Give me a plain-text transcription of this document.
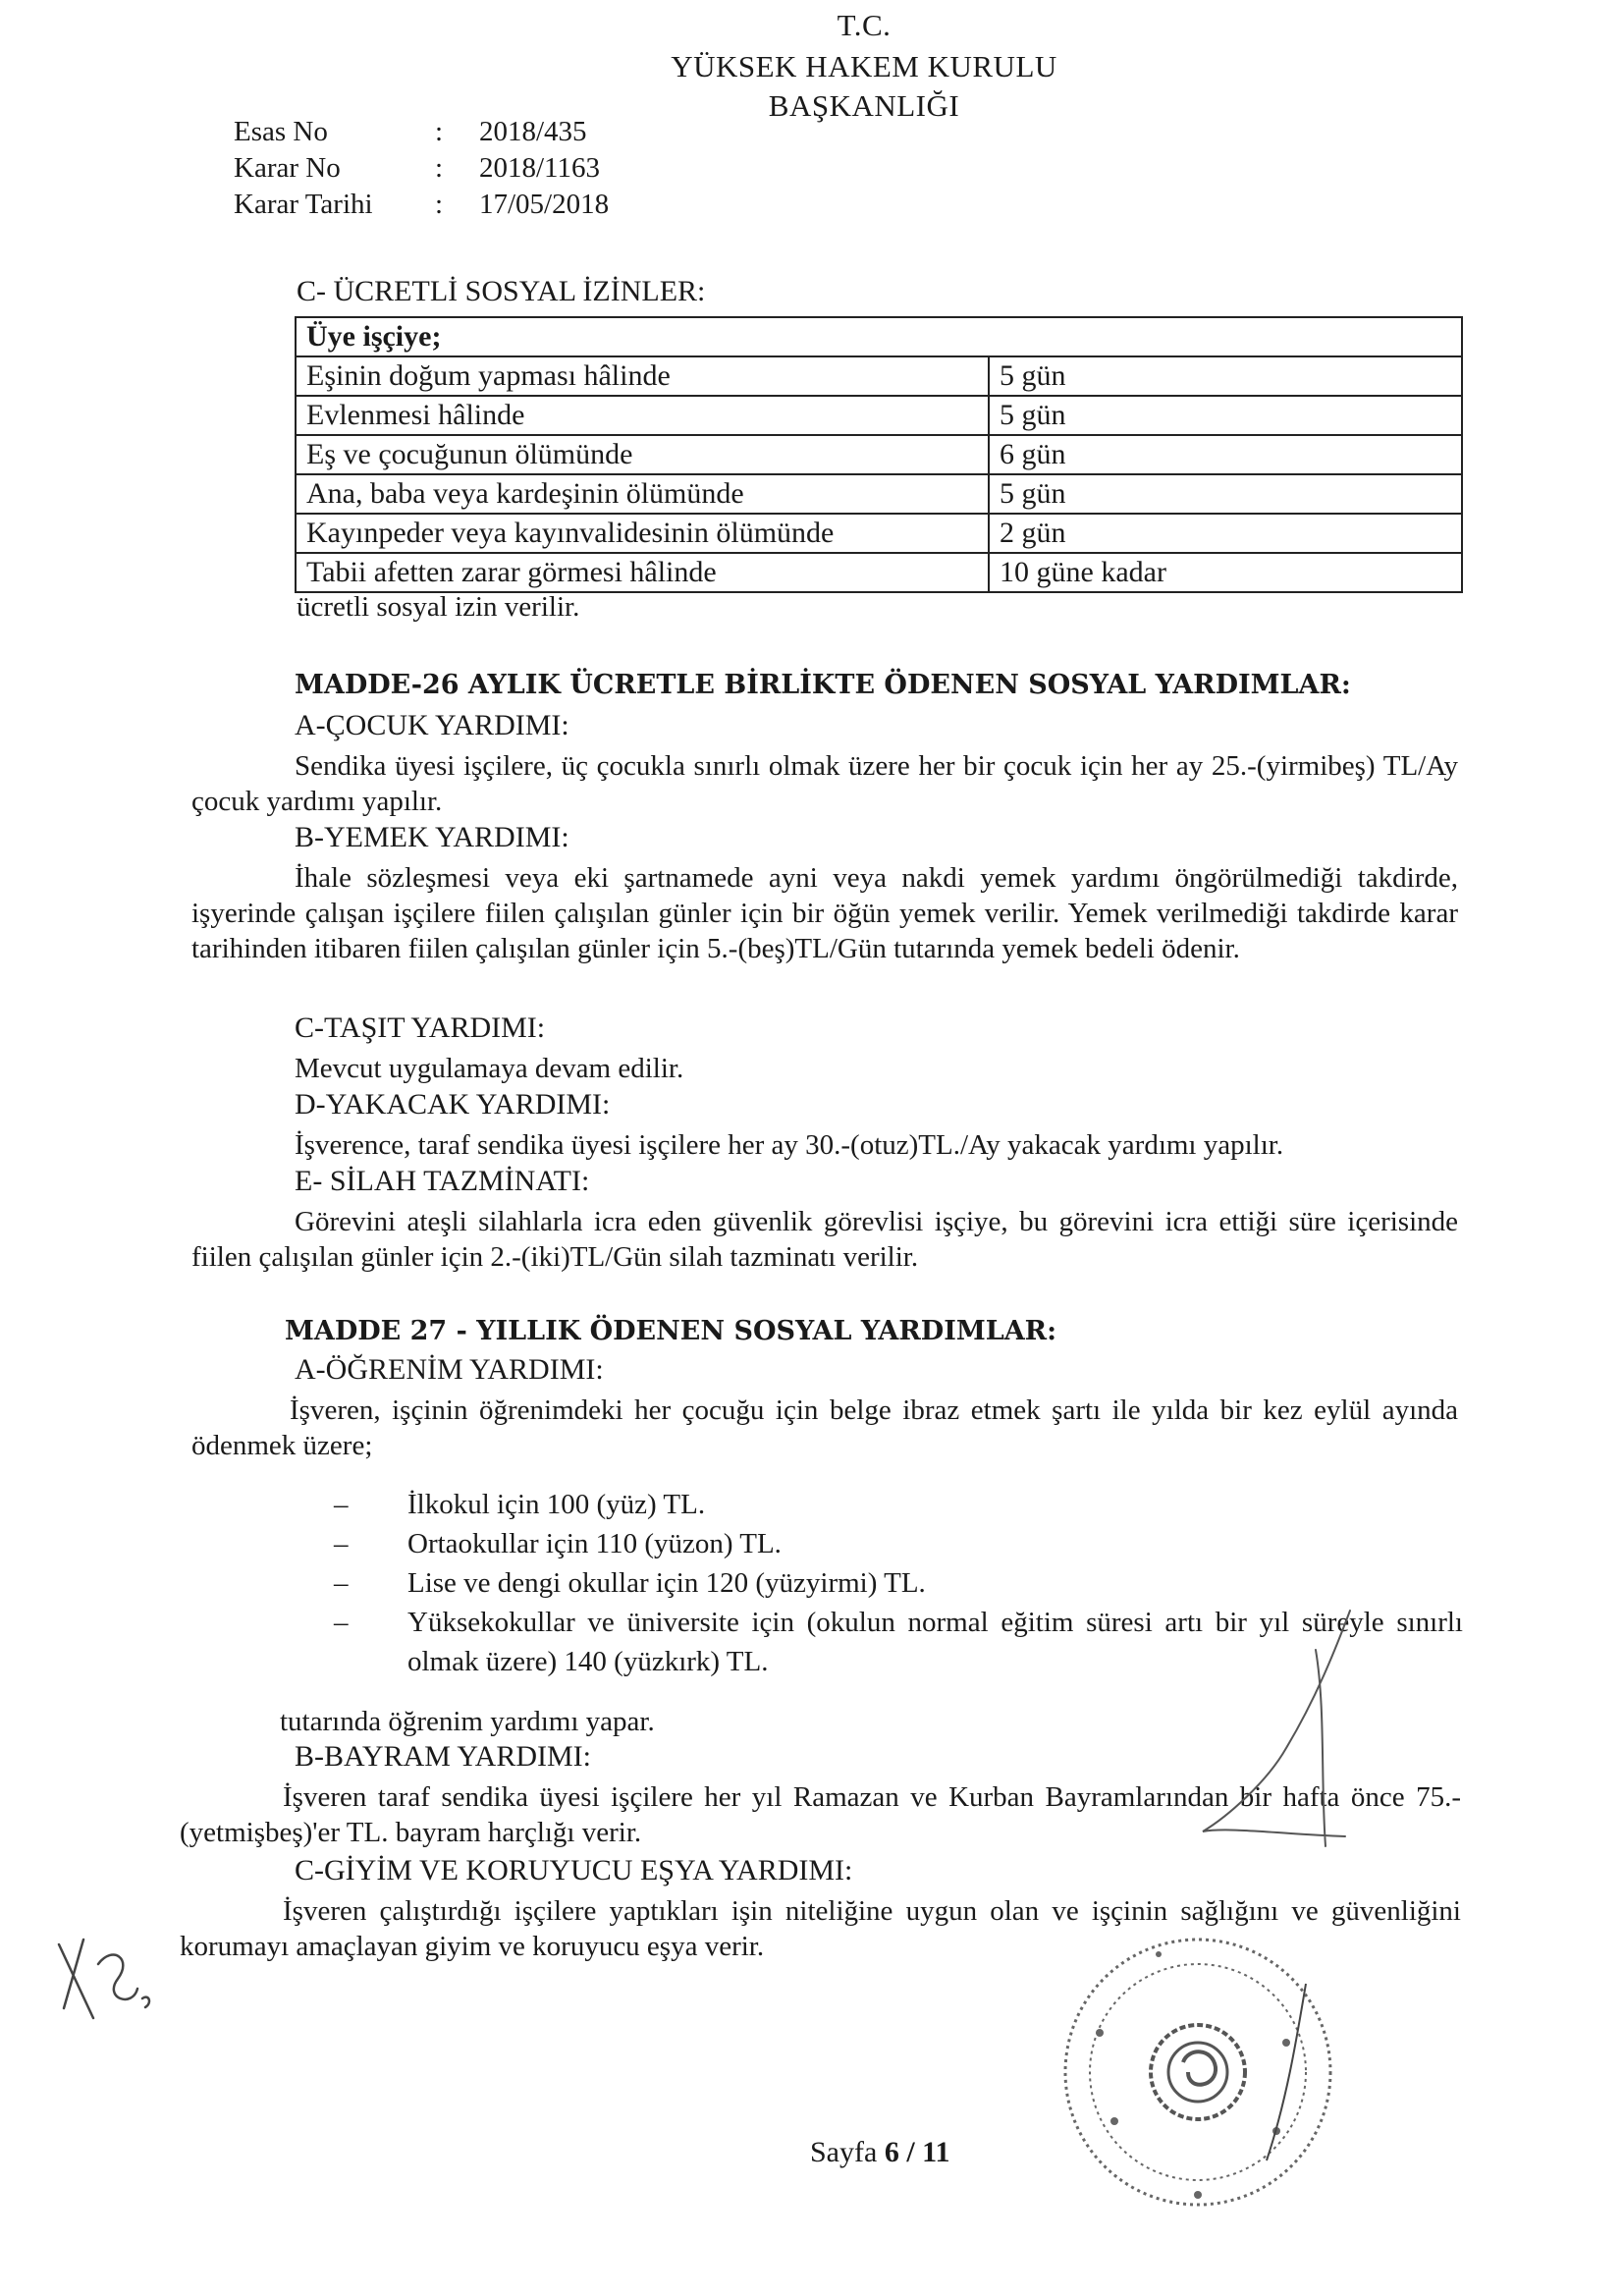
T.C.
YÜKSEK HAKEM KURULU
BAŞKANLIĞI
Esas No	: 2018/435
Karar No	: 2018/1163
Karar Tarihi	: 17/05/2018
C- ÜCRETLİ SOSYAL İZİNLER:
Üye işçiye;	
Eşinin doğum yapması hâlinde	5 gün
Evlenmesi hâlinde	5 gün
Eş ve çocuğunun ölümünde	6 gün
Ana, baba veya kardeşinin ölümünde	5 gün
Kayınpeder veya kayınvalidesinin ölümünde	2 gün
Tabii afetten zarar görmesi hâlinde	10 güne kadar
ücretli sosyal izin verilir.
MADDE-26 AYLIK ÜCRETLE BİRLİKTE ÖDENEN SOSYAL YARDIMLAR:
A-ÇOCUK YARDIMI:
Sendika üyesi işçilere, üç çocukla sınırlı olmak üzere her bir çocuk için her ay 25.-(yirmibeş) TL/Ay çocuk yardımı yapılır.
B-YEMEK YARDIMI:
İhale sözleşmesi veya eki şartnamede ayni veya nakdi yemek yardımı öngörülmediği takdirde, işyerinde çalışan işçilere fiilen çalışılan günler için bir öğün yemek verilir. Yemek verilmediği takdirde karar tarihinden itibaren fiilen çalışılan günler için 5.-(beş)TL/Gün tutarında yemek bedeli ödenir.
C-TAŞIT YARDIMI:
Mevcut uygulamaya devam edilir.
D-YAKACAK YARDIMI:
İşverence, taraf sendika üyesi işçilere her ay 30.-(otuz)TL./Ay yakacak yardımı yapılır.
E- SİLAH TAZMİNATI:
Görevini ateşli silahlarla icra eden güvenlik görevlisi işçiye, bu görevini icra ettiği süre içerisinde fiilen çalışılan günler için 2.-(iki)TL/Gün silah tazminatı verilir.
MADDE 27 - YILLIK ÖDENEN SOSYAL YARDIMLAR:
A-ÖĞRENİM YARDIMI:
İşveren, işçinin öğrenimdeki her çocuğu için belge ibraz etmek şartı ile yılda bir kez eylül ayında ödenmek üzere;
– İlkokul için 100 (yüz) TL.
– Ortaokullar için 110 (yüzon) TL.
– Lise ve dengi okullar için 120 (yüzyirmi) TL.
– Yüksekokullar ve üniversite için (okulun normal eğitim süresi artı bir yıl süreyle sınırlı olmak üzere) 140 (yüzkırk) TL.
tutarında öğrenim yardımı yapar.
B-BAYRAM YARDIMI:
İşveren taraf sendika üyesi işçilere her yıl Ramazan ve Kurban Bayramlarından bir hafta önce 75.-(yetmişbeş)'er TL. bayram harçlığı verir.
C-GİYİM VE KORUYUCU EŞYA YARDIMI:
İşveren çalıştırdığı işçilere yaptıkları işin niteliğine uygun olan ve işçinin sağlığını ve güvenliğini korumayı amaçlayan giyim ve koruyucu eşya verir.
Sayfa 6 / 11
